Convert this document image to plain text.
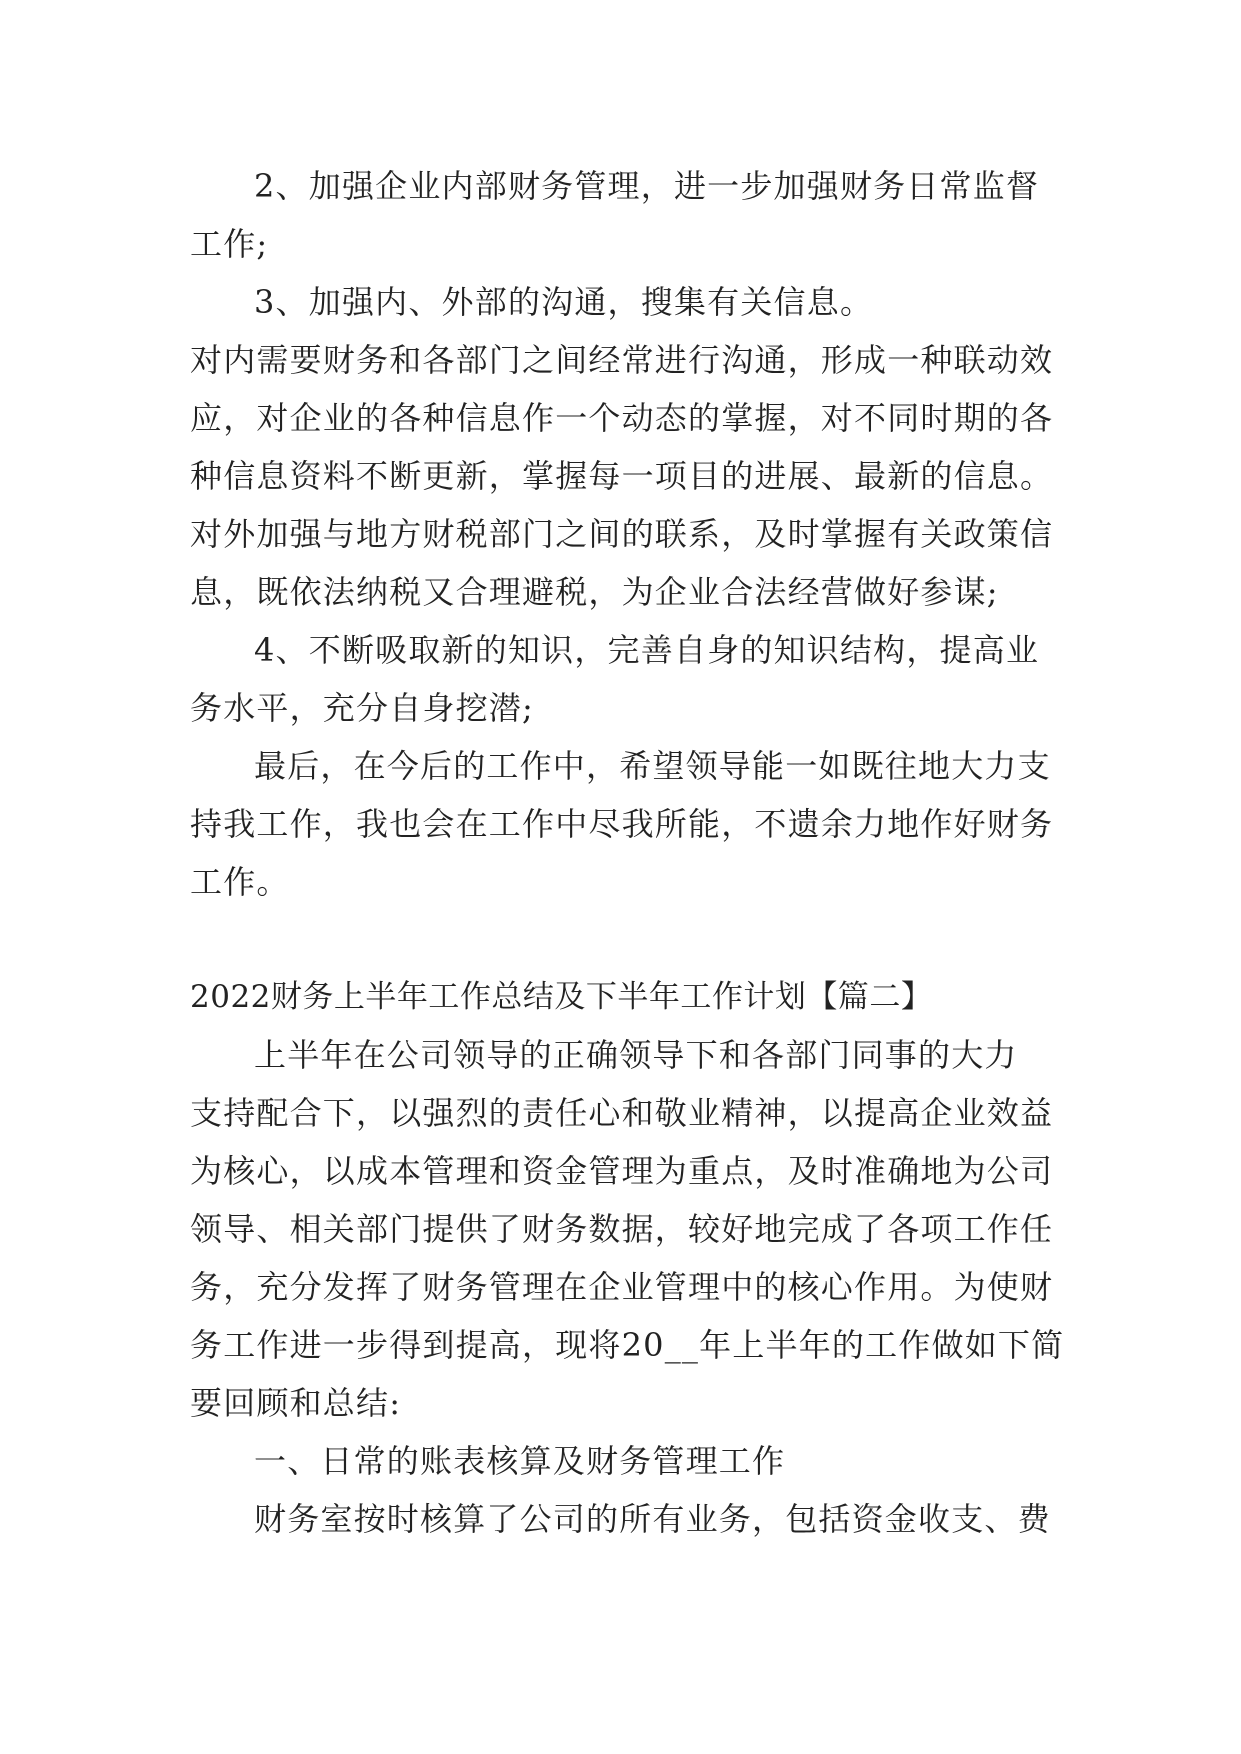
2、加强企业内部财务管理，进一步加强财务日常监督
工作;
3、加强内、外部的沟通，搜集有关信息。
对内需要财务和各部门之间经常进行沟通，形成一种联动效
应，对企业的各种信息作一个动态的掌握，对不同时期的各
种信息资料不断更新，掌握每一项目的进展、最新的信息。
对外加强与地方财税部门之间的联系，及时掌握有关政策信
息，既依法纳税又合理避税，为企业合法经营做好参谋;
4、不断吸取新的知识，完善自身的知识结构，提高业
务水平，充分自身挖潜;
最后，在今后的工作中，希望领导能一如既往地大力支
持我工作，我也会在工作中尽我所能，不遗余力地作好财务
工作。
2022财务上半年工作总结及下半年工作计划【篇二】
上半年在公司领导的正确领导下和各部门同事的大力
支持配合下，以强烈的责任心和敬业精神，以提高企业效益
为核心，以成本管理和资金管理为重点，及时准确地为公司
领导、相关部门提供了财务数据，较好地完成了各项工作任
务，充分发挥了财务管理在企业管理中的核心作用。为使财
务工作进一步得到提高，现将20__年上半年的工作做如下简
要回顾和总结:
一、日常的账表核算及财务管理工作
财务室按时核算了公司的所有业务，包括资金收支、费
